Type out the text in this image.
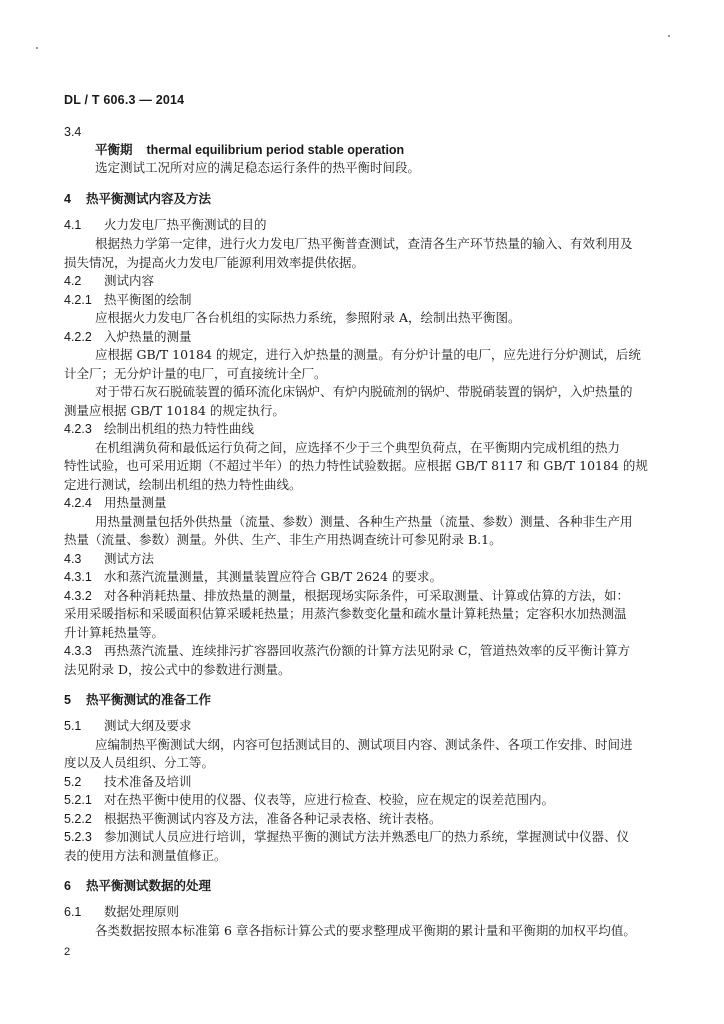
DL / T 606.3 — 2014
3.4
平衡期 thermal equilibrium period stable operation
选定测试工况所对应的满足稳态运行条件的热平衡时间段。
4 热平衡测试内容及方法
4.1 火力发电厂热平衡测试的目的
根据热力学第一定律，进行火力发电厂热平衡普查测试，查清各生产环节热量的输入、有效利用及
损失情况，为提高火力发电厂能源利用效率提供依据。
4.2 测试内容
4.2.1 热平衡图的绘制
应根据火力发电厂各台机组的实际热力系统，参照附录 A，绘制出热平衡图。
4.2.2 入炉热量的测量
应根据 GB/T 10184 的规定，进行入炉热量的测量。有分炉计量的电厂，应先进行分炉测试，后统
计全厂；无分炉计量的电厂，可直接统计全厂。
对于带石灰石脱硫装置的循环流化床锅炉、有炉内脱硫剂的锅炉、带脱硝装置的锅炉，入炉热量的
测量应根据 GB/T 10184 的规定执行。
4.2.3 绘制出机组的热力特性曲线
在机组满负荷和最低运行负荷之间，应选择不少于三个典型负荷点，在平衡期内完成机组的热力
特性试验，也可采用近期（不超过半年）的热力特性试验数据。应根据 GB/T 8117 和 GB/T 10184 的规
定进行测试，绘制出机组的热力特性曲线。
4.2.4 用热量测量
用热量测量包括外供热量（流量、参数）测量、各种生产热量（流量、参数）测量、各种非生产用
热量（流量、参数）测量。外供、生产、非生产用热调查统计可参见附录 B.1。
4.3 测试方法
4.3.1 水和蒸汽流量测量，其测量装置应符合 GB/T 2624 的要求。
4.3.2 对各种消耗热量、排放热量的测量，根据现场实际条件，可采取测量、计算或估算的方法，如：
采用采暖指标和采暖面积估算采暖耗热量；用蒸汽参数变化量和疏水量计算耗热量；定容积水加热测温
升计算耗热量等。
4.3.3 再热蒸汽流量、连续排污扩容器回收蒸汽份额的计算方法见附录 C，管道热效率的反平衡计算方
法见附录 D，按公式中的参数进行测量。
5 热平衡测试的准备工作
5.1 测试大纲及要求
应编制热平衡测试大纲，内容可包括测试目的、测试项目内容、测试条件、各项工作安排、时间进
度以及人员组织、分工等。
5.2 技术准备及培训
5.2.1 对在热平衡中使用的仪器、仪表等，应进行检查、校验，应在规定的误差范围内。
5.2.2 根据热平衡测试内容及方法，准备各种记录表格、统计表格。
5.2.3 参加测试人员应进行培训，掌握热平衡的测试方法并熟悉电厂的热力系统，掌握测试中仪器、仪
表的使用方法和测量值修正。
6 热平衡测试数据的处理
6.1 数据处理原则
各类数据按照本标准第 6 章各指标计算公式的要求整理成平衡期的累计量和平衡期的加权平均值。
2
